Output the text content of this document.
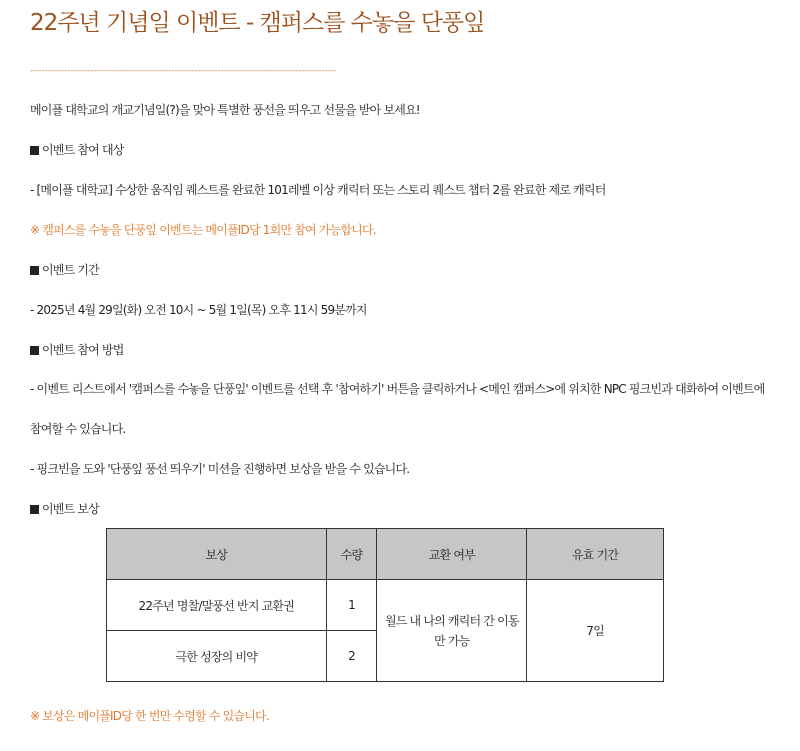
22주년 기념일 이벤트 - 캠퍼스를 수놓을 단풍잎
----------------------------------------------------------------------------------------------------------
메이플 대학교의 개교기념일(?)을 맞아 특별한 풍선을 띄우고 선물을 받아 보세요!
이벤트 참여 대상
- [메이플 대학교] 수상한 움직임 퀘스트를 완료한 101레벨 이상 캐릭터 또는 스토리 퀘스트 챕터 2를 완료한 제로 캐릭터
※ 캠퍼스를 수놓을 단풍잎 이벤트는 메이플ID당 1회만 참여 가능합니다.
이벤트 기간
- 2025년 4월 29일(화) 오전 10시 ~ 5월 1일(목) 오후 11시 59분까지
이벤트 참여 방법
- 이벤트 리스트에서 '캠퍼스를 수놓을 단풍잎' 이벤트를 선택 후 '참여하기' 버튼을 클릭하거나 <메인 캠퍼스>에 위치한 NPC 핑크빈과 대화하여 이벤트에
참여할 수 있습니다.
- 핑크빈을 도와 '단풍잎 풍선 띄우기' 미션을 진행하면 보상을 받을 수 있습니다.
이벤트 보상
보상	수량	교환 여부	유효 기간
22주년 명찰/말풍선 반지 교환권	1	월드 내 나의 캐릭터 간 이동만 가능	7일
극한 성장의 비약	2		
※ 보상은 메이플ID당 한 번만 수령할 수 있습니다.
